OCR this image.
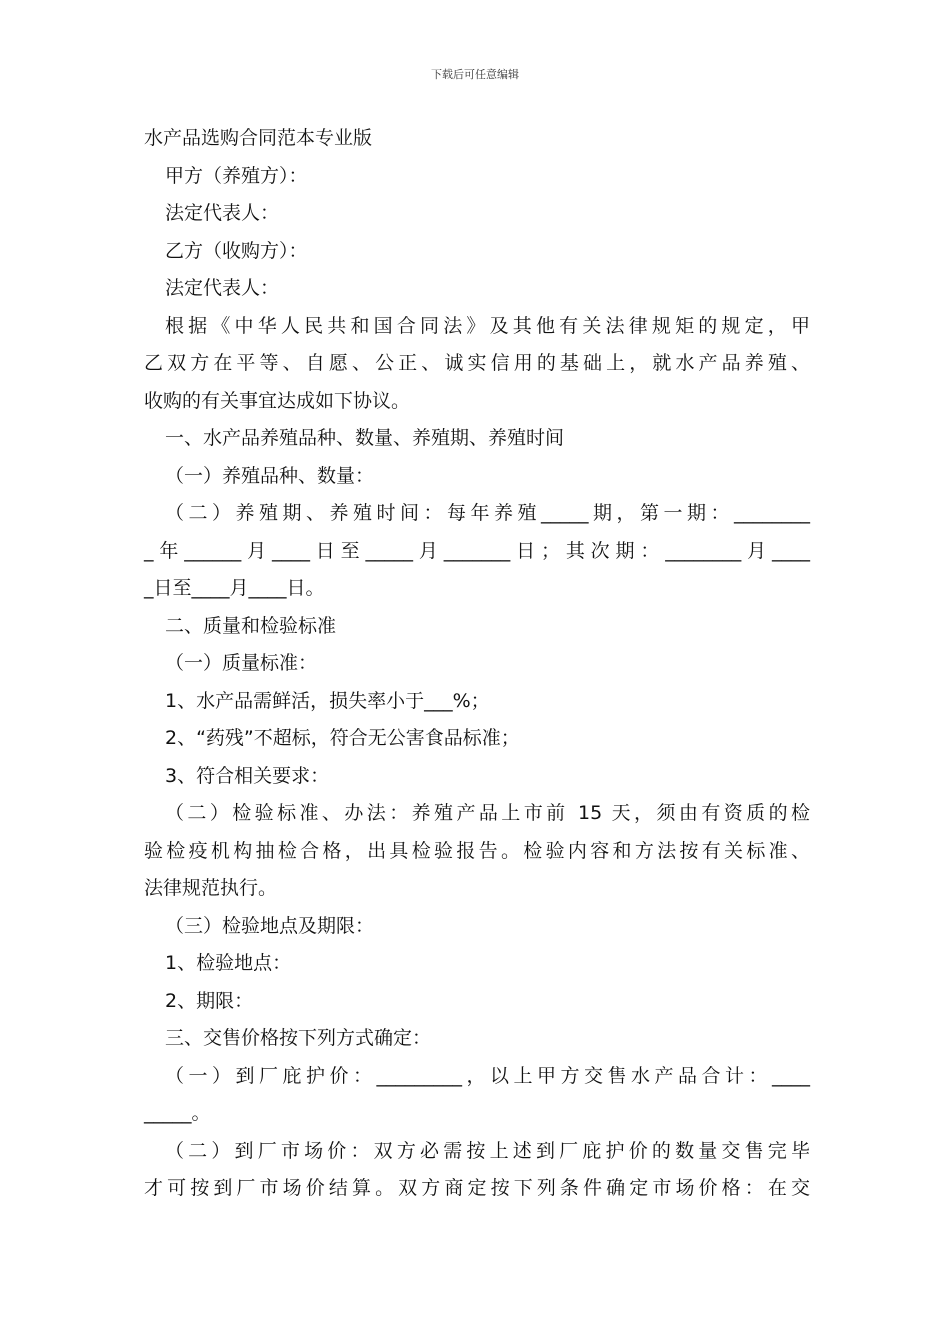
下载后可任意编辑
水产品选购合同范本专业版
甲方（养殖方）：
法定代表人：
乙方（收购方）：
法定代表人：
根据《中华人民共和国合同法》及其他有关法律规矩的规定，甲
乙双方在平等、自愿、公正、诚实信用的基础上，就水产品养殖、
收购的有关事宜达成如下协议。
一、水产品养殖品种、数量、养殖期、养殖时间
（一）养殖品种、数量：
（二）养殖期、养殖时间：每年养殖_____期，第一期：________
_年______月____日至_____月_______日；其次期：________月____
_日至____月____日。
二、质量和检验标准
（一）质量标准：
1、水产品需鲜活，损失率小于___%；
2、“药残”不超标，符合无公害食品标准；
3、符合相关要求：
（二）检验标准、办法：养殖产品上市前 15 天，须由有资质的检
验检疫机构抽检合格，出具检验报告。检验内容和方法按有关标准、
法律规范执行。
（三）检验地点及期限：
1、检验地点：
2、期限：
三、交售价格按下列方式确定：
（一）到厂庇护价：_________，以上甲方交售水产品合计：____
_____。
（二）到厂市场价：双方必需按上述到厂庇护价的数量交售完毕
才可按到厂市场价结算。双方商定按下列条件确定市场价格：在交
